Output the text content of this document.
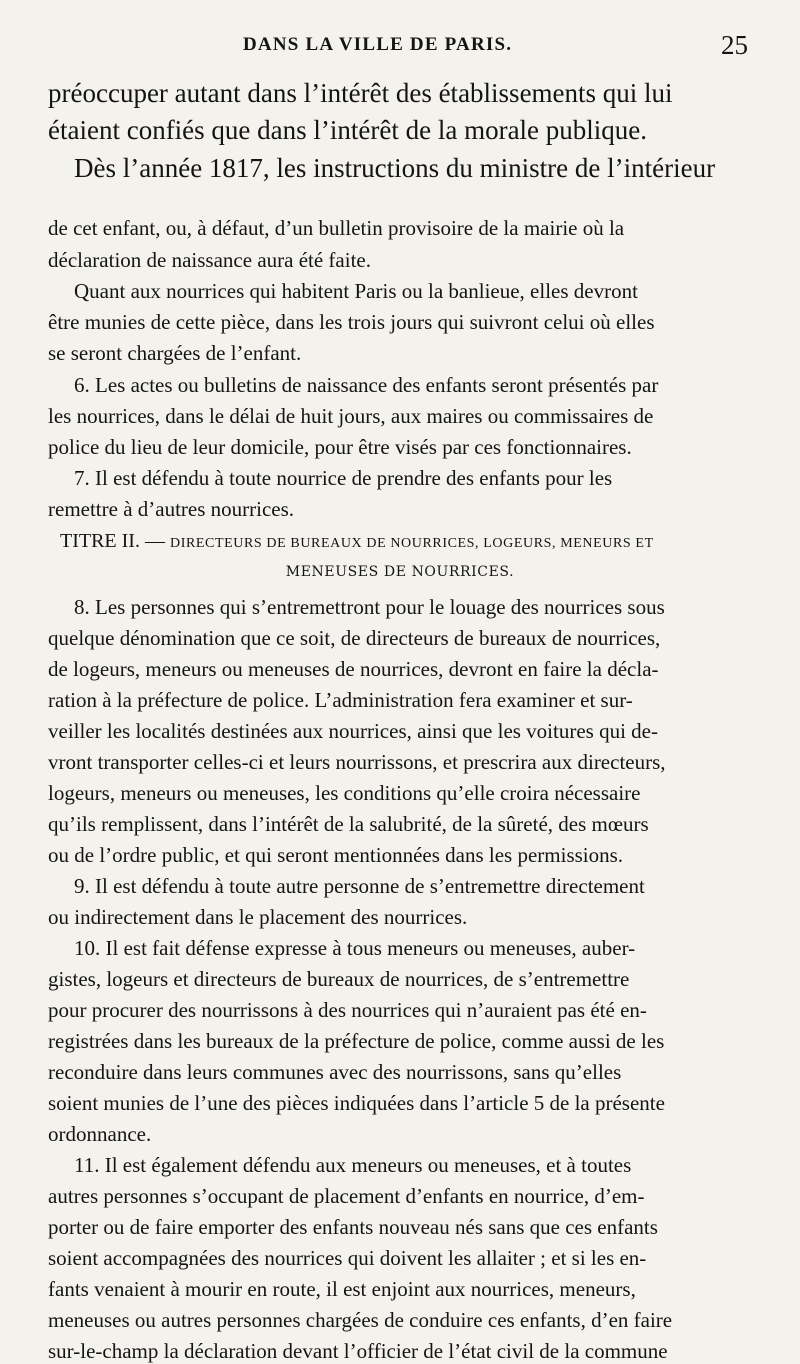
DANS LA VILLE DE PARIS.	25
préoccuper autant dans l’intérêt des établissements qui lui
étaient confiés que dans l’intérêt de la morale publique.
Dès l’année 1817, les instructions du ministre de l’intérieur
de cet enfant, ou, à défaut, d’un bulletin provisoire de la mairie où la
déclaration de naissance aura été faite.
Quant aux nourrices qui habitent Paris ou la banlieue, elles devront
être munies de cette pièce, dans les trois jours qui suivront celui où elles
se seront chargées de l’enfant.
6. Les actes ou bulletins de naissance des enfants seront présentés par
les nourrices, dans le délai de huit jours, aux maires ou commissaires de
police du lieu de leur domicile, pour être visés par ces fonctionnaires.
7. Il est défendu à toute nourrice de prendre des enfants pour les
remettre à d’autres nourrices.
8. Les personnes qui s’entremettront pour le louage des nourrices sous
quelque dénomination que ce soit, de directeurs de bureaux de nourrices,
de logeurs, meneurs ou meneuses de nourrices, devront en faire la décla-
ration à la préfecture de police. L’administration fera examiner et sur-
veiller les localités destinées aux nourrices, ainsi que les voitures qui de-
vront transporter celles-ci et leurs nourrissons, et prescrira aux directeurs,
logeurs, meneurs ou meneuses, les conditions qu’elle croira nécessaire
qu’ils remplissent, dans l’intérêt de la salubrité, de la sûreté, des mœurs
ou de l’ordre public, et qui seront mentionnées dans les permissions.
9. Il est défendu à toute autre personne de s’entremettre directement
ou indirectement dans le placement des nourrices.
10. Il est fait défense expresse à tous meneurs ou meneuses, auber-
gistes, logeurs et directeurs de bureaux de nourrices, de s’entremettre
pour procurer des nourrissons à des nourrices qui n’auraient pas été en-
registrées dans les bureaux de la préfecture de police, comme aussi de les
reconduire dans leurs communes avec des nourrissons, sans qu’elles
soient munies de l’une des pièces indiquées dans l’article 5 de la présente
ordonnance.
11. Il est également défendu aux meneurs ou meneuses, et à toutes
autres personnes s’occupant de placement d’enfants en nourrice, d’em-
porter ou de faire emporter des enfants nouveau nés sans que ces enfants
soient accompagnées des nourrices qui doivent les allaiter ; et si les en-
fants venaient à mourir en route, il est enjoint aux nourrices, meneurs,
meneuses ou autres personnes chargées de conduire ces enfants, d’en faire
sur-le-champ la déclaration devant l’officier de l’état civil de la commune
TITRE II. — DIRECTEURS DE BUREAUX DE NOURRICES, LOGEURS, MENEURS ET
MENEUSES DE NOURRICES.
